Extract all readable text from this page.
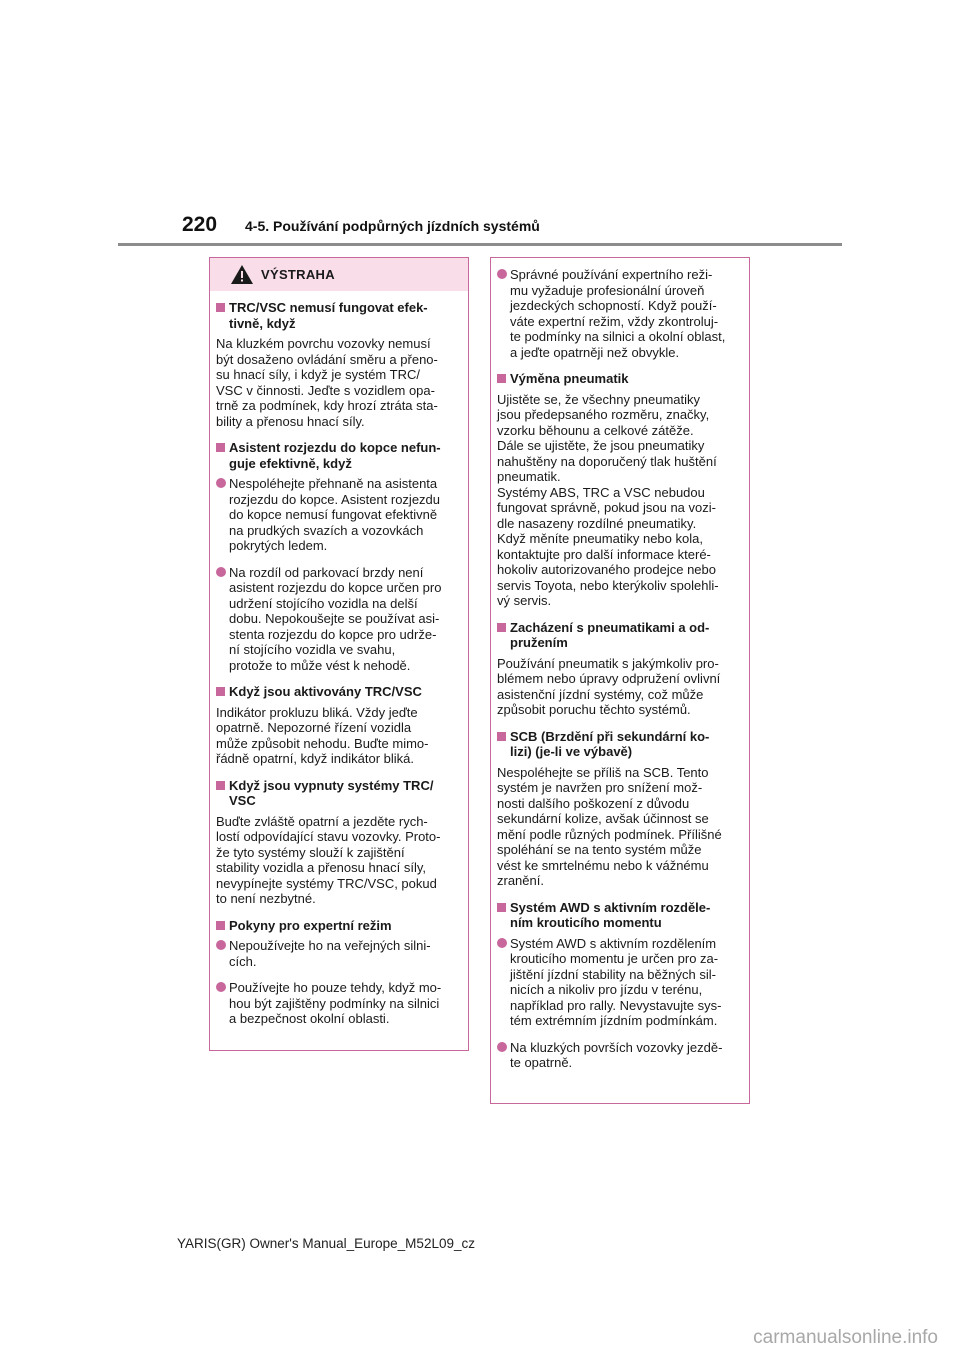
220 4-5. Používání podpůrných jízdních systémů
VÝSTRAHA
TRC/VSC nemusí fungovat efek-
tivně, když
Na kluzkém povrchu vozovky nemusí
být dosaženo ovládání směru a přeno-
su hnací síly, i když je systém TRC/
VSC v činnosti. Jeďte s vozidlem opa-
trně za podmínek, kdy hrozí ztráta sta-
bility a přenosu hnací síly.
Asistent rozjezdu do kopce nefun-
guje efektivně, když
Nespoléhejte přehnaně na asistenta
rozjezdu do kopce. Asistent rozjezdu
do kopce nemusí fungovat efektivně
na prudkých svazích a vozovkách
pokrytých ledem.
Na rozdíl od parkovací brzdy není
asistent rozjezdu do kopce určen pro
udržení stojícího vozidla na delší
dobu. Nepokoušejte se používat asi-
stenta rozjezdu do kopce pro udrže-
ní stojícího vozidla ve svahu,
protože to může vést k nehodě.
Když jsou aktivovány TRC/VSC
Indikátor prokluzu bliká. Vždy jeďte
opatrně. Nepozorné řízení vozidla
může způsobit nehodu. Buďte mimo-
řádně opatrní, když indikátor bliká.
Když jsou vypnuty systémy TRC/
VSC
Buďte zvláště opatrní a jezděte rych-
lostí odpovídající stavu vozovky. Proto-
že tyto systémy slouží k zajištění
stability vozidla a přenosu hnací síly,
nevypínejte systémy TRC/VSC, pokud
to není nezbytné.
Pokyny pro expertní režim
Nepoužívejte ho na veřejných silni-
cích.
Používejte ho pouze tehdy, když mo-
hou být zajištěny podmínky na silnici
a bezpečnost okolní oblasti.
Správné používání expertního reži-
mu vyžaduje profesionální úroveň
jezdeckých schopností. Když použí-
váte expertní režim, vždy zkontroluj-
te podmínky na silnici a okolní oblast,
a jeďte opatrněji než obvykle.
Výměna pneumatik
Ujistěte se, že všechny pneumatiky
jsou předepsaného rozměru, značky,
vzorku běhounu a celkové zátěže.
Dále se ujistěte, že jsou pneumatiky
nahuštěny na doporučený tlak huštění
pneumatik.
Systémy ABS, TRC a VSC nebudou
fungovat správně, pokud jsou na vozi-
dle nasazeny rozdílné pneumatiky.
Když měníte pneumatiky nebo kola,
kontaktujte pro další informace které-
hokoliv autorizovaného prodejce nebo
servis Toyota, nebo kterýkoliv spolehli-
vý servis.
Zacházení s pneumatikami a od-
pružením
Používání pneumatik s jakýmkoliv pro-
blémem nebo úpravy odpružení ovlivní
asistenční jízdní systémy, což může
způsobit poruchu těchto systémů.
SCB (Brzdění při sekundární ko-
lizi) (je-li ve výbavě)
Nespoléhejte se příliš na SCB. Tento
systém je navržen pro snížení mož-
nosti dalšího poškození z důvodu
sekundární kolize, avšak účinnost se
mění podle různých podmínek. Přílišné
spoléhání se na tento systém může
vést ke smrtelnému nebo k vážnému
zranění.
Systém AWD s aktivním rozděle-
ním krouticího momentu
Systém AWD s aktivním rozdělením
krouticího momentu je určen pro za-
jištění jízdní stability na běžných sil-
nicích a nikoliv pro jízdu v terénu,
například pro rally. Nevystavujte sys-
tém extrémním jízdním podmínkám.
Na kluzkých površích vozovky jezdě-
te opatrně.
YARIS(GR) Owner's Manual_Europe_M52L09_cz
carmanualsonline.info
